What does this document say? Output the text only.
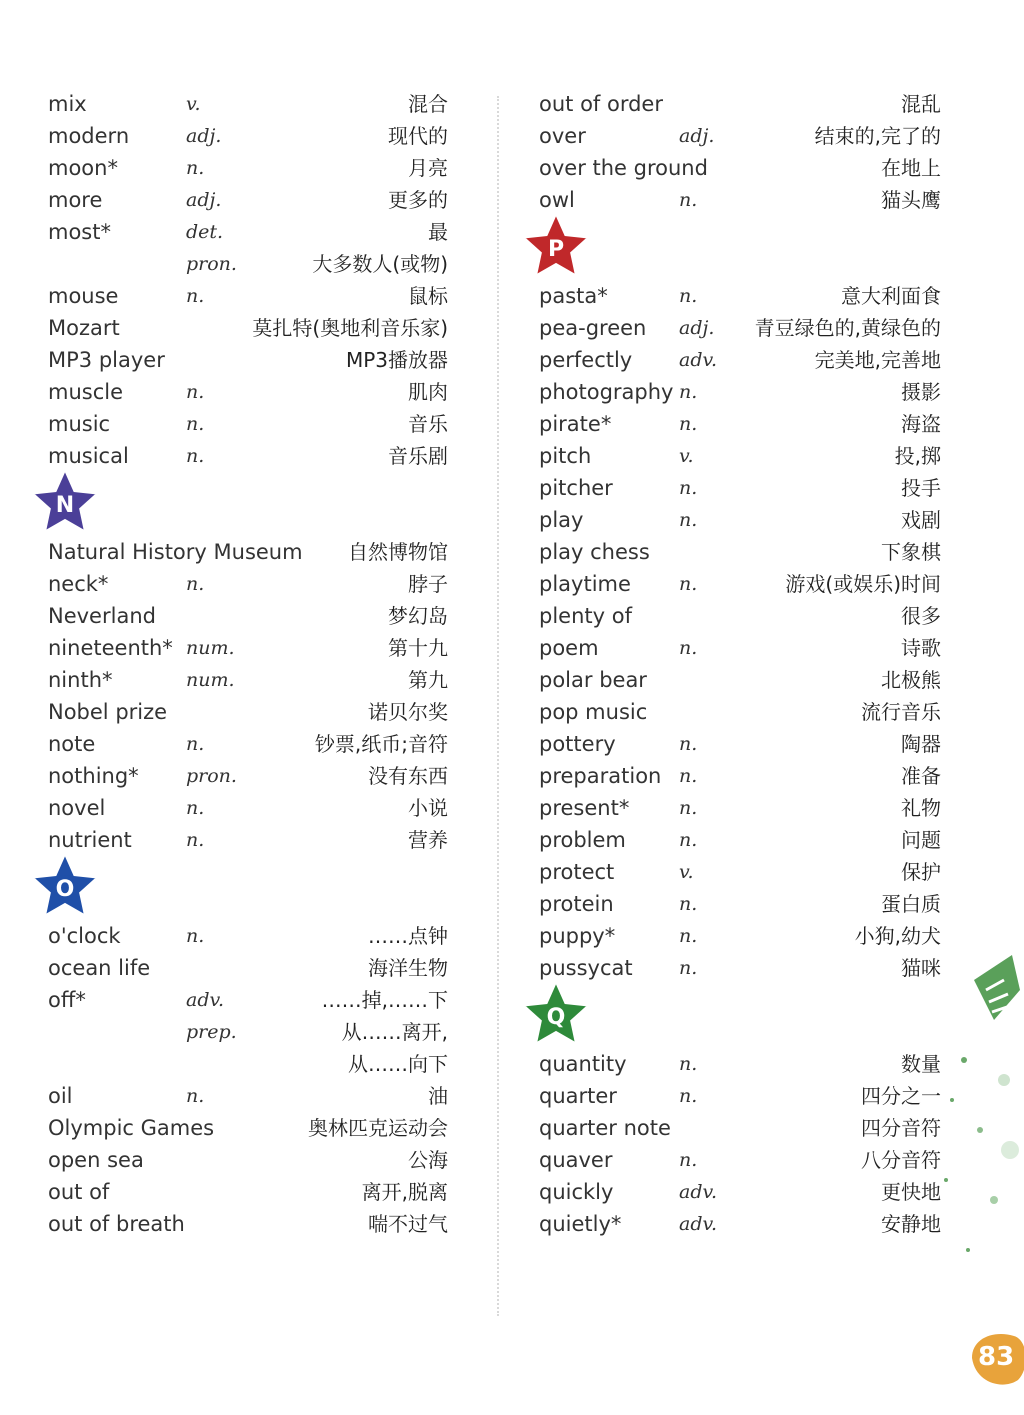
mix	v.	混合
modern	adj.	现代的
moon*	n.	月亮
more	adj.	更多的
most*	det.	最
pron.	大多数人(或物)
mouse	n.	鼠标
Mozart	莫扎特(奥地利音乐家)
MP3 player	MP3播放器
muscle	n.	肌肉
music	n.	音乐
musical	n.	音乐剧
N
Natural History Museum 自然博物馆
neck*	n.	脖子
Neverland	梦幻岛
nineteenth* num.	第十九
ninth*	num.	第九
Nobel prize	诺贝尔奖
note	n.	钞票,纸币;音符
nothing* pron.	没有东西
novel	n.	小说
nutrient	n.	营养
O
o'clock	n.	……点钟
ocean life	海洋生物
off*	adv.	……掉,……下
prep.	从……离开,
从……向下
oil	n.	油
Olympic Games	奥林匹克运动会
open sea	公海
out of	离开,脱离
out of breath	喘不过气
out of order	混乱
over	adj.	结束的,完了的
over the ground	在地上
owl	n.	猫头鹰
P
pasta*	n.	意大利面食
pea-green adj. 青豆绿色的,黄绿色的
perfectly adv.	完美地,完善地
photography n.	摄影
pirate*	n.	海盗
pitch	v.	投,掷
pitcher	n.	投手
play	n.	戏剧
play chess	下象棋
playtime	n.	游戏(或娱乐)时间
plenty of	很多
poem	n.	诗歌
polar bear	北极熊
pop music	流行音乐
pottery	n.	陶器
preparation n.	准备
present*	n.	礼物
problem	n.	问题
protect	v.	保护
protein	n.	蛋白质
puppy*	n.	小狗,幼犬
pussycat n.	猫咪
Q
quantity	n.	数量
quarter	n.	四分之一
quarter note	四分音符
quaver	n.	八分音符
quickly	adv.	更快地
quietly*	adv.	安静地
83
